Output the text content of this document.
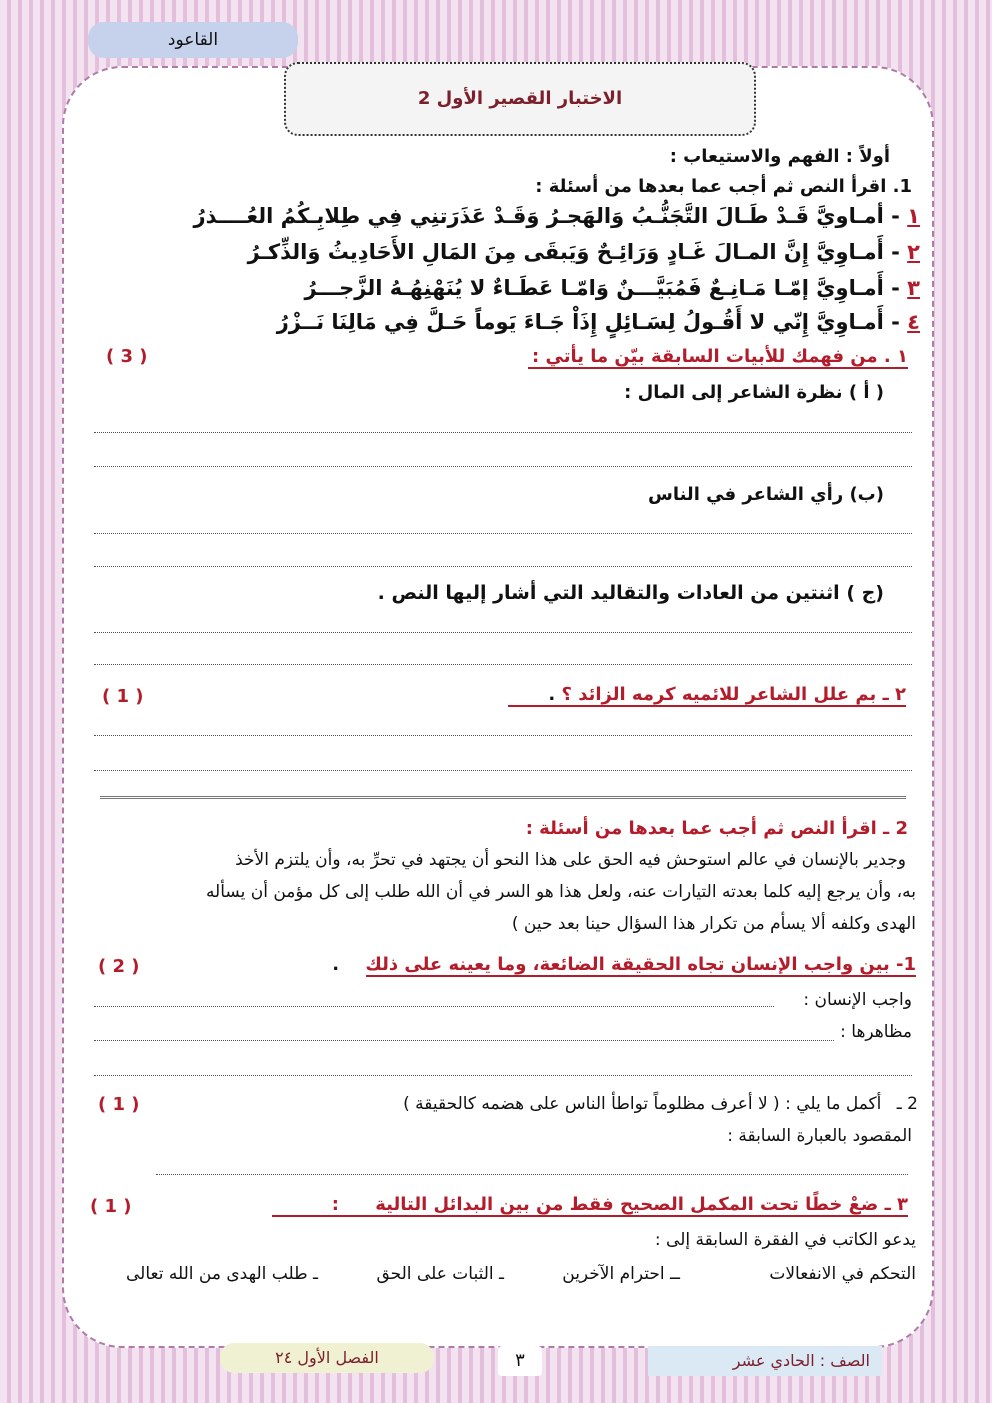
القاعود
الاختبار القصير الأول 2
أولاً : الفهم والاستيعاب :
1. اقرأ النص ثم أجب عما بعدها من أسئلة :
١ - أمـاويَّ قَـدْ طَـالَ التَّجَنُّـبُ وَالهَجـرُ وَقَـدْ عَذَرَتنِي فِي طِلابِـكُمُ العُــــذرُ
٢ - أَمـاوِيَّ إِنَّ المـالَ غَـادٍ وَرَائِـحٌ وَيَبقَى مِنَ المَالِ الأَحَادِيثُ وَالذِّكـرُ
٣ - أَمـاوِيَّ إمّـا مَـانِـعٌ فَمُبَيَّـــنٌ وَامّـا عَطَـاءٌ لا يُنَهْنِهُـهُ الزَّجـــرُ
٤ - أَمـاوِيَّ إِنّي لا أَقُـولُ لِسَـائِلٍ إِذَاْ جَـاءَ يَوماً حَـلَّ فِي مَالِنَا نَــزْرُ
١ . من فهمك للأبيات السابقة بيّن ما يأتي :
( 3 )
( أ ) نظرة الشاعر إلى المال :
(ب) رأي الشاعر في الناس
(ج ) اثنتين من العادات والتقاليد التي أشار إليها النص .
٢ ـ بم علل الشاعر للائميه كرمه الزائد ؟ .
( 1 )
2 ـ اقرأ النص ثم أجب عما بعدها من أسئلة :
وجدير بالإنسان في عالم استوحش فيه الحق على هذا النحو أن يجتهد في تحرِّ به، وأن يلتزم الأخذ
به، وأن يرجع إليه كلما بعدته التيارات عنه، ولعل هذا هو السر في أن الله طلب إلى كل مؤمن أن يسأله
الهدى وكلفه ألا يسأم من تكرار هذا السؤال حينا بعد حين )
1- بين واجب الإنسان تجاه الحقيقة الضائعة، وما يعينه على ذلك .
( 2 )
واجب الإنسان :
مظاهرها :
2 ـ أكمل ما يلي : ( لا أعرف مظلوماً تواطأ الناس على هضمه كالحقيقة )
( 1 )
المقصود بالعبارة السابقة :
٣ ـ ضعْ خطًا تحت المكمل الصحيح فقط من بين البدائل التالية :
( 1 )
يدعو الكاتب في الفقرة السابقة إلى :
التحكم في الانفعالات
ــ احترام الآخرين
ـ الثبات على الحق
ـ طلب الهدى من الله تعالى
الفصل الأول ٢٤	٣	الصف : الحادي عشر
